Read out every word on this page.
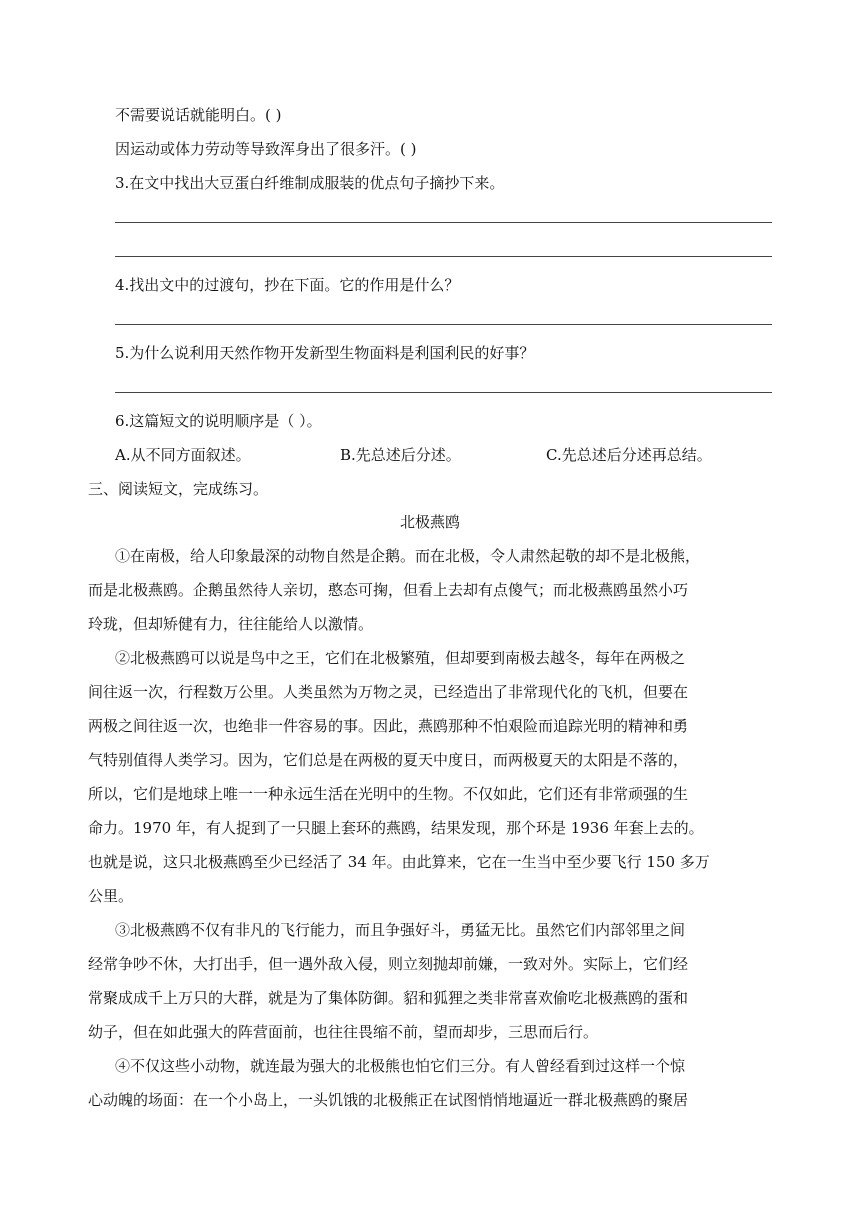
不需要说话就能明白。( )
因运动或体力劳动等导致浑身出了很多汗。( )
3.在文中找出大豆蛋白纤维制成服装的优点句子摘抄下来。
4.找出文中的过渡句，抄在下面。它的作用是什么？
5.为什么说利用天然作物开发新型生物面料是利国利民的好事？
6.这篇短文的说明顺序是（ ）。
A.从不同方面叙述。	B.先总述后分述。	C.先总述后分述再总结。
三、阅读短文，完成练习。
北极燕鸥
①在南极，给人印象最深的动物自然是企鹅。而在北极，令人肃然起敬的却不是北极熊，
而是北极燕鸥。企鹅虽然待人亲切，憨态可掬，但看上去却有点傻气；而北极燕鸥虽然小巧
玲珑，但却矫健有力，往往能给人以激情。
②北极燕鸥可以说是鸟中之王，它们在北极繁殖，但却要到南极去越冬，每年在两极之
间往返一次，行程数万公里。人类虽然为万物之灵，已经造出了非常现代化的飞机，但要在
两极之间往返一次，也绝非一件容易的事。因此，燕鸥那种不怕艰险而追踪光明的精神和勇
气特别值得人类学习。因为，它们总是在两极的夏天中度日，而两极夏天的太阳是不落的，
所以，它们是地球上唯一一种永远生活在光明中的生物。不仅如此，它们还有非常顽强的生
命力。1970 年，有人捉到了一只腿上套环的燕鸥，结果发现，那个环是 1936 年套上去的。
也就是说，这只北极燕鸥至少已经活了 34 年。由此算来，它在一生当中至少要飞行 150 多万
公里。
③北极燕鸥不仅有非凡的飞行能力，而且争强好斗，勇猛无比。虽然它们内部邻里之间
经常争吵不休，大打出手，但一遇外敌入侵，则立刻抛却前嫌，一致对外。实际上，它们经
常聚成成千上万只的大群，就是为了集体防御。貂和狐狸之类非常喜欢偷吃北极燕鸥的蛋和
幼子，但在如此强大的阵营面前，也往往畏缩不前，望而却步，三思而后行。
④不仅这些小动物，就连最为强大的北极熊也怕它们三分。有人曾经看到过这样一个惊
心动魄的场面：在一个小岛上，一头饥饿的北极熊正在试图悄悄地逼近一群北极燕鸥的聚居
